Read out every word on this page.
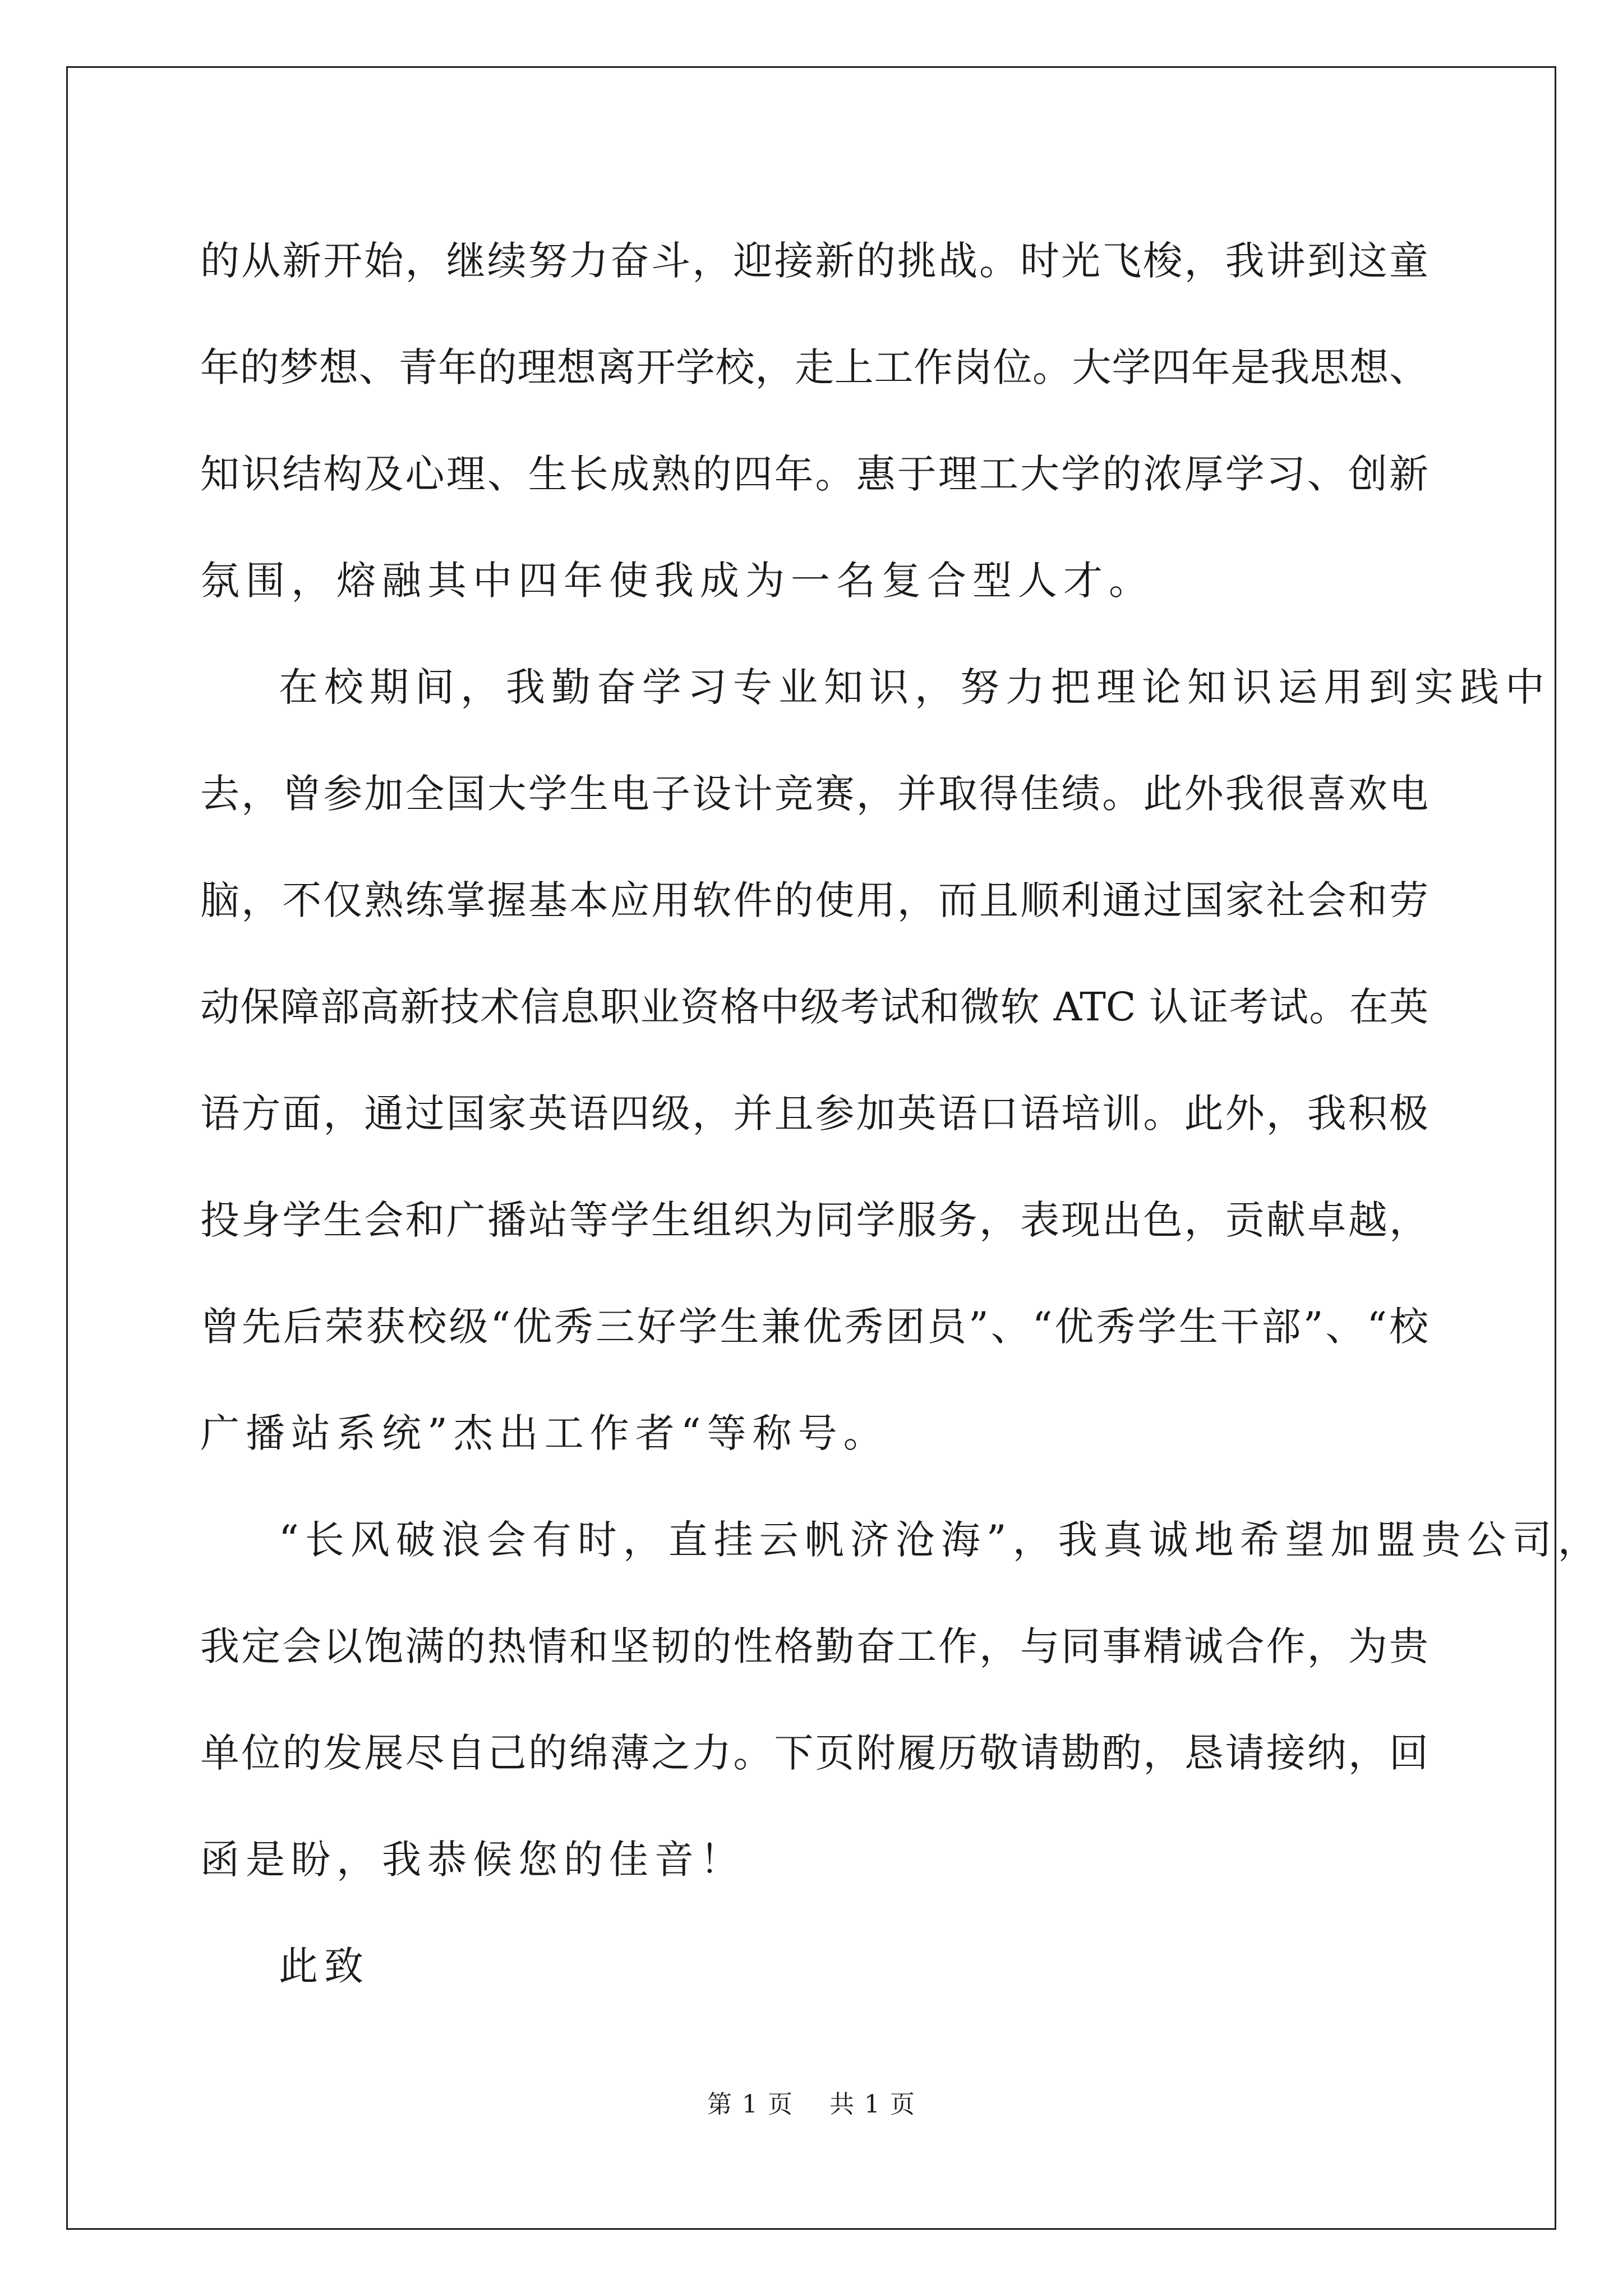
的从新开始，继续努力奋斗，迎接新的挑战。时光飞梭，我讲到这童

年的梦想、青年的理想离开学校，走上工作岗位。大学四年是我思想、

知识结构及心理、生长成熟的四年。惠于理工大学的浓厚学习、创新

氛围，熔融其中四年使我成为一名复合型人才。

在校期间，我勤奋学习专业知识，努力把理论知识运用到实践中

去，曾参加全国大学生电子设计竞赛，并取得佳绩。此外我很喜欢电

脑，不仅熟练掌握基本应用软件的使用，而且顺利通过国家社会和劳

动保障部高新技术信息职业资格中级考试和微软 ATC 认证考试。在英

语方面，通过国家英语四级，并且参加英语口语培训。此外，我积极

投身学生会和广播站等学生组织为同学服务，表现出色，贡献卓越，

曾先后荣获校级“优秀三好学生兼优秀团员”、“优秀学生干部”、“校

广播站系统”杰出工作者“等称号。

“长风破浪会有时，直挂云帆济沧海”，我真诚地希望加盟贵公司，

我定会以饱满的热情和坚韧的性格勤奋工作，与同事精诚合作，为贵

单位的发展尽自己的绵薄之力。下页附履历敬请勘酌，恳请接纳，回

函是盼，我恭候您的佳音！

此致

第 1 页 共 1 页
